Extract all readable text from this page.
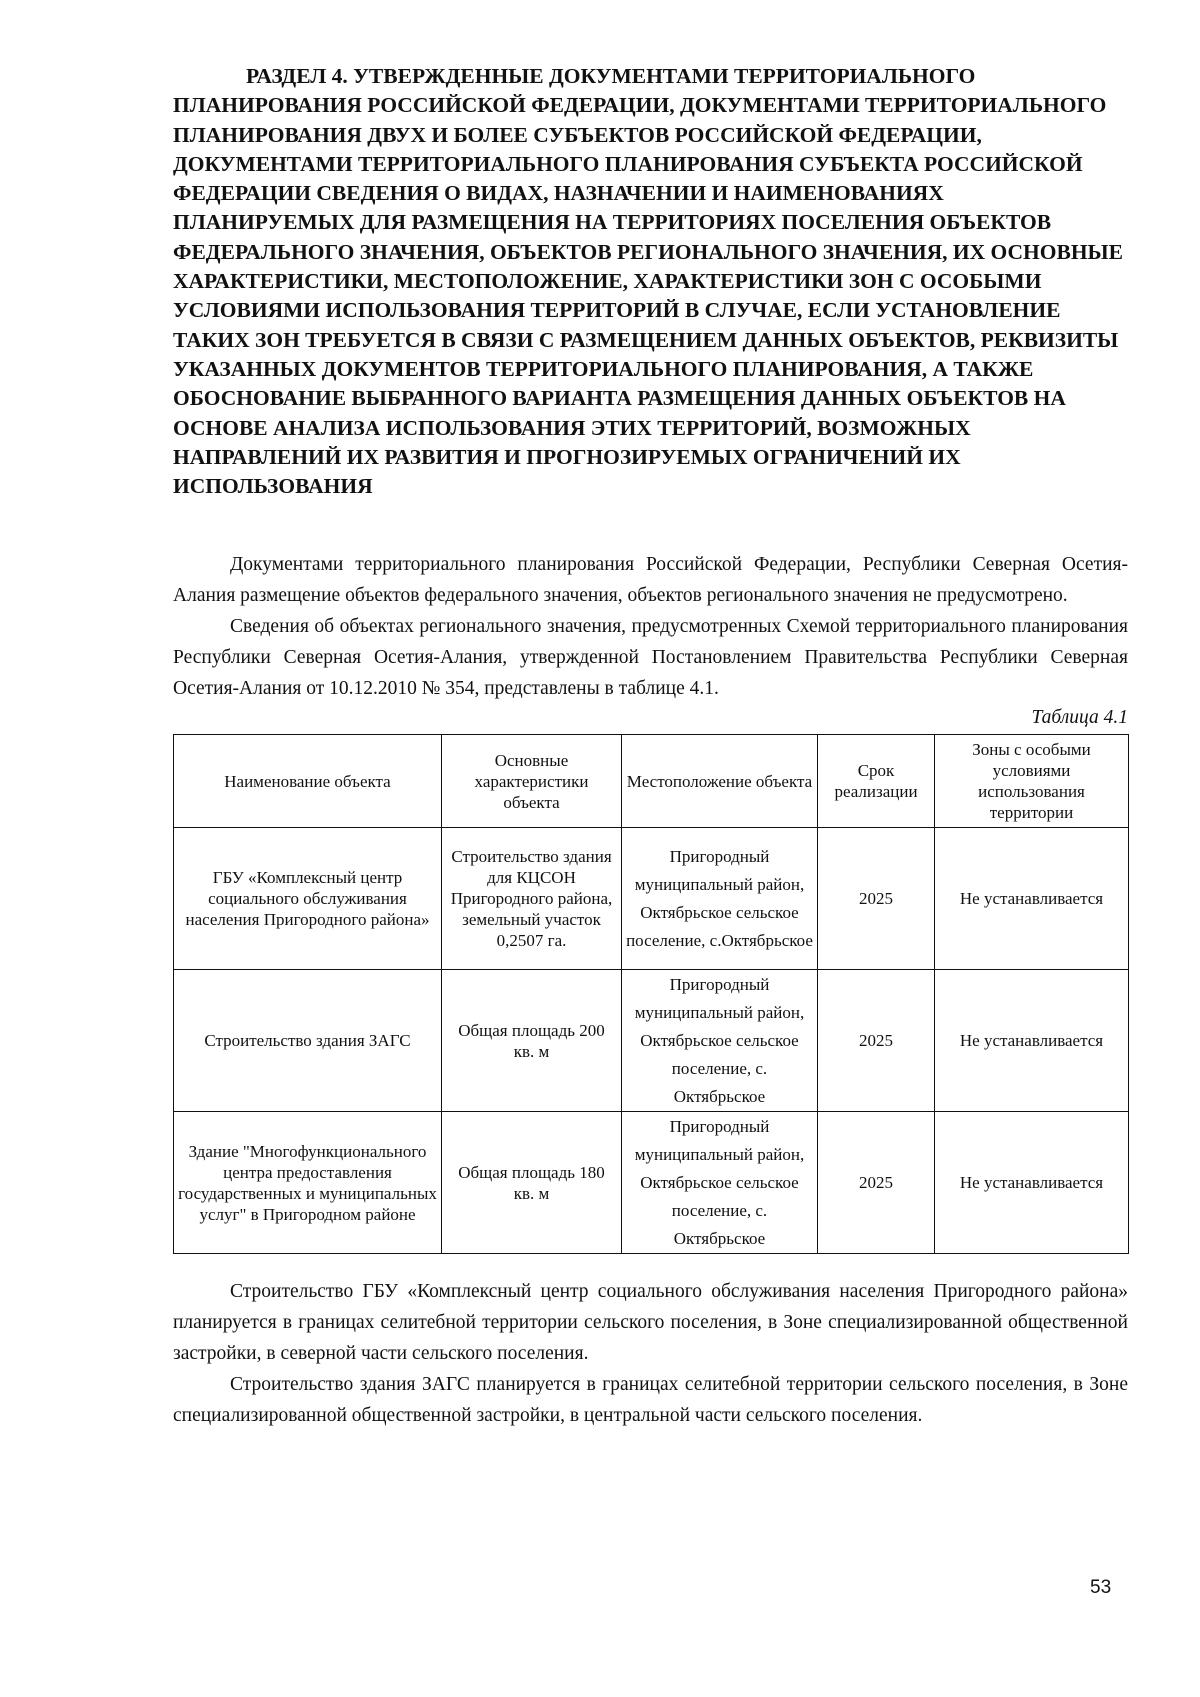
РАЗДЕЛ 4. УТВЕРЖДЕННЫЕ ДОКУМЕНТАМИ ТЕРРИТОРИАЛЬНОГО ПЛАНИРОВАНИЯ РОССИЙСКОЙ ФЕДЕРАЦИИ, ДОКУМЕНТАМИ ТЕРРИТОРИАЛЬНОГО ПЛАНИРОВАНИЯ ДВУХ И БОЛЕЕ СУБЪЕКТОВ РОССИЙСКОЙ ФЕДЕРАЦИИ, ДОКУМЕНТАМИ ТЕРРИТОРИАЛЬНОГО ПЛАНИРОВАНИЯ СУБЪЕКТА РОССИЙСКОЙ ФЕДЕРАЦИИ СВЕДЕНИЯ О ВИДАХ, НАЗНАЧЕНИИ И НАИМЕНОВАНИЯХ ПЛАНИРУЕМЫХ ДЛЯ РАЗМЕЩЕНИЯ НА ТЕРРИТОРИЯХ ПОСЕЛЕНИЯ ОБЪЕКТОВ ФЕДЕРАЛЬНОГО ЗНАЧЕНИЯ, ОБЪЕКТОВ РЕГИОНАЛЬНОГО ЗНАЧЕНИЯ, ИХ ОСНОВНЫЕ ХАРАКТЕРИСТИКИ, МЕСТОПОЛОЖЕНИЕ, ХАРАКТЕРИСТИКИ ЗОН С ОСОБЫМИ УСЛОВИЯМИ ИСПОЛЬЗОВАНИЯ ТЕРРИТОРИЙ В СЛУЧАЕ, ЕСЛИ УСТАНОВЛЕНИЕ ТАКИХ ЗОН ТРЕБУЕТСЯ В СВЯЗИ С РАЗМЕЩЕНИЕМ ДАННЫХ ОБЪЕКТОВ, РЕКВИЗИТЫ УКАЗАННЫХ ДОКУМЕНТОВ ТЕРРИТОРИАЛЬНОГО ПЛАНИРОВАНИЯ, А ТАКЖЕ ОБОСНОВАНИЕ ВЫБРАННОГО ВАРИАНТА РАЗМЕЩЕНИЯ ДАННЫХ ОБЪЕКТОВ НА ОСНОВЕ АНАЛИЗА ИСПОЛЬЗОВАНИЯ ЭТИХ ТЕРРИТОРИЙ, ВОЗМОЖНЫХ НАПРАВЛЕНИЙ ИХ РАЗВИТИЯ И ПРОГНОЗИРУЕМЫХ ОГРАНИЧЕНИЙ ИХ ИСПОЛЬЗОВАНИЯ

Документами территориального планирования Российской Федерации, Республики Северная Осетия-Алания размещение объектов федерального значения, объектов регионального значения не предусмотрено.

Сведения об объектах регионального значения, предусмотренных Схемой территориального планирования Республики Северная Осетия-Алания, утвержденной Постановлением Правительства Республики Северная Осетия-Алания от 10.12.2010 № 354, представлены в таблице 4.1.

Таблица 4.1

Наименование объекта	Основные характеристики объекта	Местоположение объекта	Срок реализации	Зоны с особыми условиями использования территории
ГБУ «Комплексный центр социального обслуживания населения Пригородного района»	Строительство здания для КЦСОН Пригородного района, земельный участок 0,2507 га.	Пригородный муниципальный район, Октябрьское сельское поселение, с.Октябрьское	2025	Не устанавливается
Строительство здания ЗАГС	Общая площадь 200 кв. м	Пригородный муниципальный район, Октябрьское сельское поселение, с. Октябрьское	2025	Не устанавливается
Здание "Многофункционального центра предоставления государственных и муниципальных услуг" в Пригородном районе	Общая площадь 180 кв. м	Пригородный муниципальный район, Октябрьское сельское поселение, с. Октябрьское	2025	Не устанавливается

Строительство ГБУ «Комплексный центр социального обслуживания населения Пригородного района» планируется в границах селитебной территории сельского поселения, в Зоне специализированной общественной застройки, в северной части сельского поселения.

Строительство здания ЗАГС планируется в границах селитебной территории сельского поселения, в Зоне специализированной общественной застройки, в центральной части сельского поселения.

53
